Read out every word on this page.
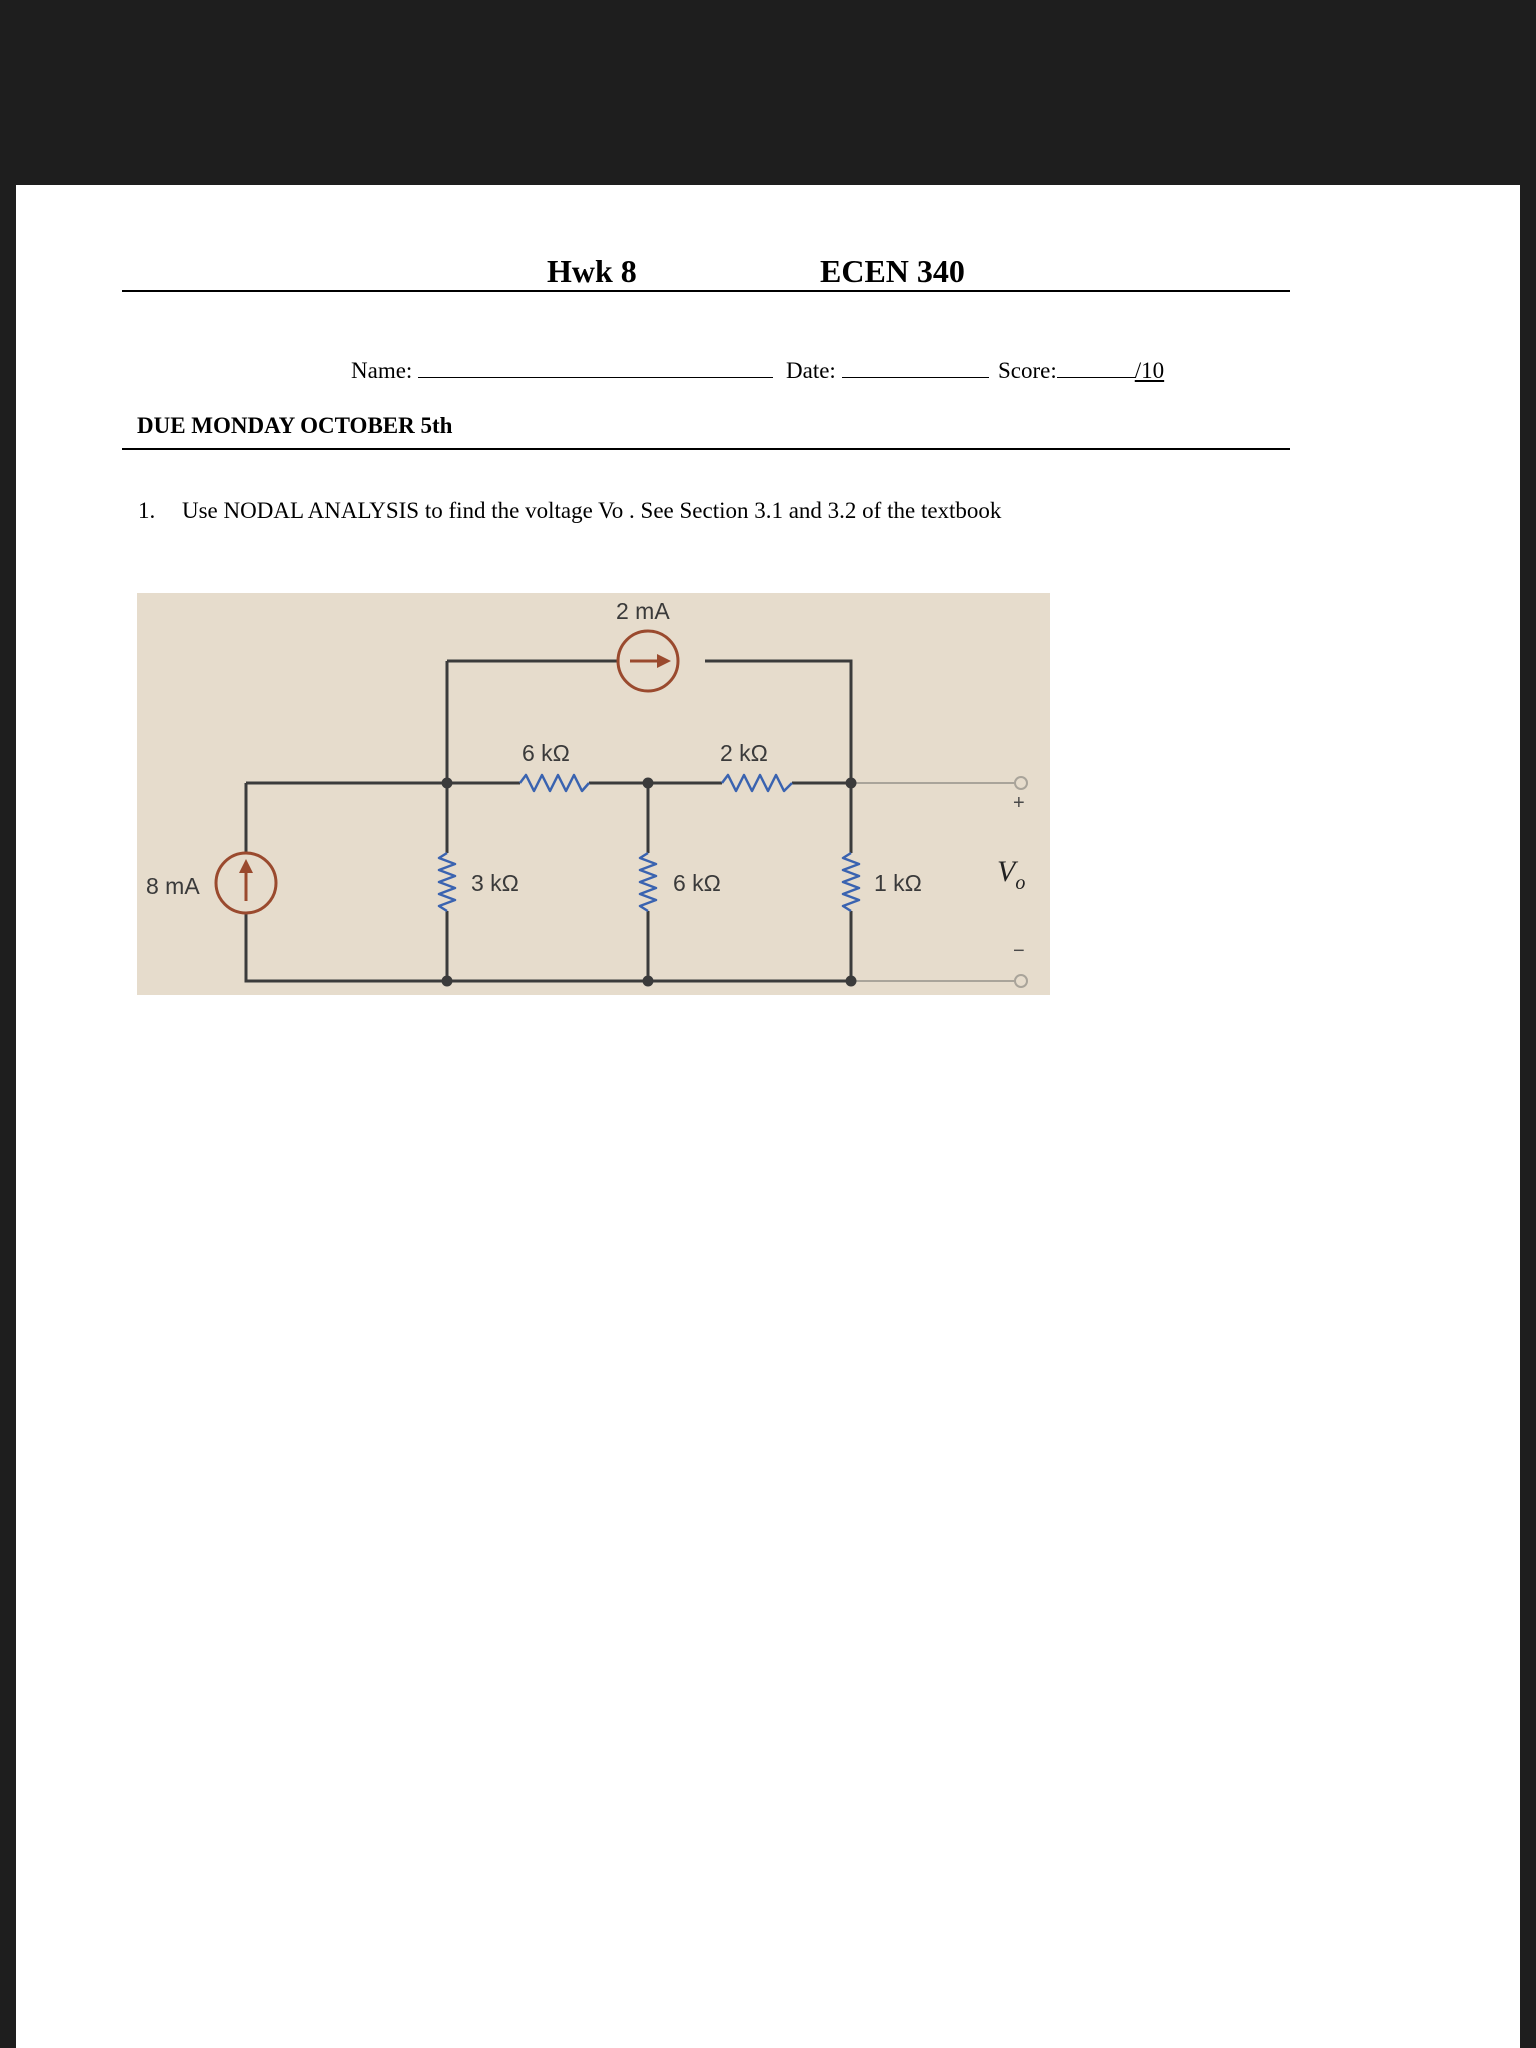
Hwk 8	ECEN 340
Name:	Date:	Score:	/10
DUE MONDAY OCTOBER 5th
1. Use NODAL ANALYSIS to find the voltage Vo . See Section 3.1 and 3.2 of the textbook
8 mA
2 mA
6 kΩ	2 kΩ
3 kΩ	6 kΩ	1 kΩ
+
−
$V_o$
